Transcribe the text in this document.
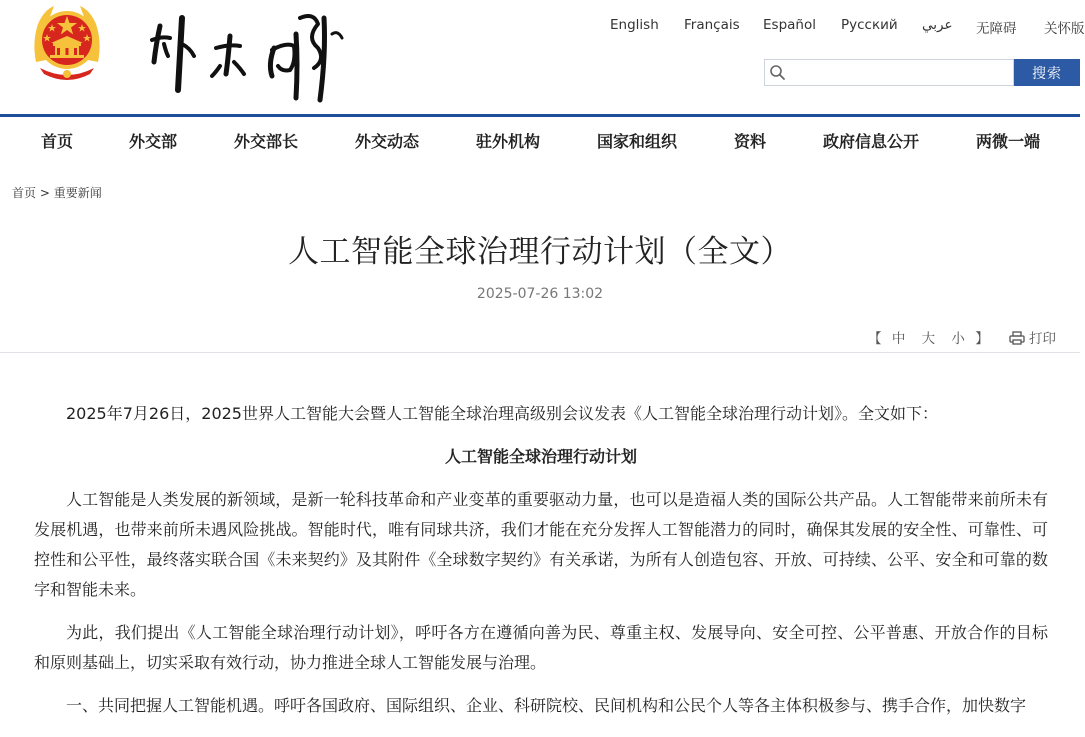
English Français Español Русский عربي 无障碍 关怀版
搜索
首页	外交部	外交部长	外交动态	驻外机构	国家和组织	资料	政府信息公开	两微一端
首页 > 重要新闻
人工智能全球治理行动计划（全文）
2025-07-26 13:02
【 中 大 小 】	打印

2025年7月26日，2025世界人工智能大会暨人工智能全球治理高级别会议发表《人工智能全球治理行动计划》。全文如下：

人工智能全球治理行动计划

人工智能是人类发展的新领域，是新一轮科技革命和产业变革的重要驱动力量，也可以是造福人类的国际公共产品。人工智能带来前所未有发展机遇，也带来前所未遇风险挑战。智能时代，唯有同球共济，我们才能在充分发挥人工智能潜力的同时，确保其发展的安全性、可靠性、可控性和公平性，最终落实联合国《未来契约》及其附件《全球数字契约》有关承诺，为所有人创造包容、开放、可持续、公平、安全和可靠的数字和智能未来。

为此，我们提出《人工智能全球治理行动计划》，呼吁各方在遵循向善为民、尊重主权、发展导向、安全可控、公平普惠、开放合作的目标和原则基础上，切实采取有效行动，协力推进全球人工智能发展与治理。

一、共同把握人工智能机遇。呼吁各国政府、国际组织、企业、科研院校、民间机构和公民个人等各主体积极参与、携手合作，加快数字
